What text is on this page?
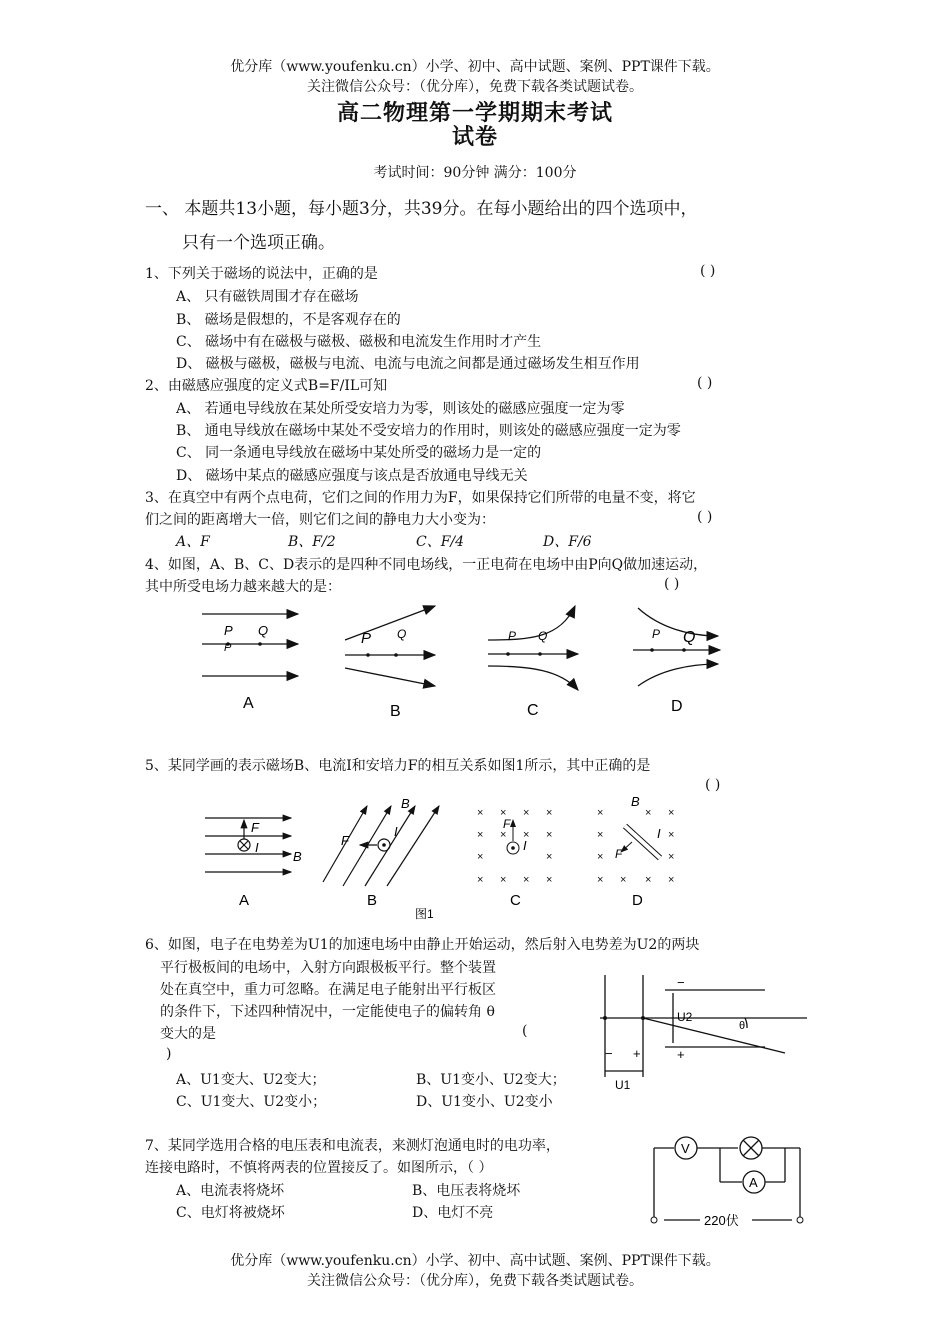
优分库（www.youfenku.cn）小学、初中、高中试题、案例、PPT课件下载。
关注微信公众号：（优分库），免费下载各类试题试卷。
高二物理第一学期期末考试
试卷
考试时间：90分钟 满分：100分
一、 本题共13小题，每小题3分，共39分。在每小题给出的四个选项中，
只有一个选项正确。
1、下列关于磁场的说法中，正确的是	( )
A、 只有磁铁周围才存在磁场
B、 磁场是假想的，不是客观存在的
C、 磁场中有在磁极与磁极、磁极和电流发生作用时才产生
D、 磁极与磁极，磁极与电流、电流与电流之间都是通过磁场发生相互作用
2、由磁感应强度的定义式B=F/IL可知	( )
A、 若通电导线放在某处所受安培力为零，则该处的磁感应强度一定为零
B、 通电导线放在磁场中某处不受安培力的作用时，则该处的磁感应强度一定为零
C、 同一条通电导线放在磁场中某处所受的磁场力是一定的
D、 磁场中某点的磁感应强度与该点是否放通电导线无关
3、在真空中有两个点电荷，它们之间的作用力为F，如果保持它们所带的电量不变，将它
们之间的距离增大一倍，则它们之间的静电力大小变为：	( )
A、F	B、F/2	C、F/4	D、F/6
4、如图，A、B、C、D表示的是四种不同电场线，一正电荷在电场中由P向Q做加速运动，
其中所受电场力越来越大的是：	( )
P Q
P
A
P Q
B
P Q
C
P Q
D
5、某同学画的表示磁场B、电流I和安培力F的相互关系如图1所示，其中正确的是
( )
F
I
B
A
F
I
B
B
× × × ×
× × × ×
×	×
× × × ×
F
I
C
×	× ×
×	×
×	×
× × × ×
B
I
F
D
图1
6、如图，电子在电势差为U1的加速电场中由静止开始运动，然后射入电势差为U2的两块
平行极板间的电场中，入射方向跟极板平行。整个装置
处在真空中，重力可忽略。在满足电子能射出平行板区
的条件下，下述四种情况中，一定能使电子的偏转角 θ
变大的是	(
)
A、U1变大、U2变大；	B、U1变小、U2变大；
C、U1变大、U2变小；	D、U1变小、U2变小
−
+
U2
θ
− +
U1
7、某同学选用合格的电压表和电流表，来测灯泡通电时的电功率，
连接电路时，不慎将两表的位置接反了。如图所示，（ ）
A、电流表将烧坏	B、电压表将烧坏
C、电灯将被烧坏	D、电灯不亮
V
A
220伏
优分库（www.youfenku.cn）小学、初中、高中试题、案例、PPT课件下载。
关注微信公众号：（优分库），免费下载各类试题试卷。
